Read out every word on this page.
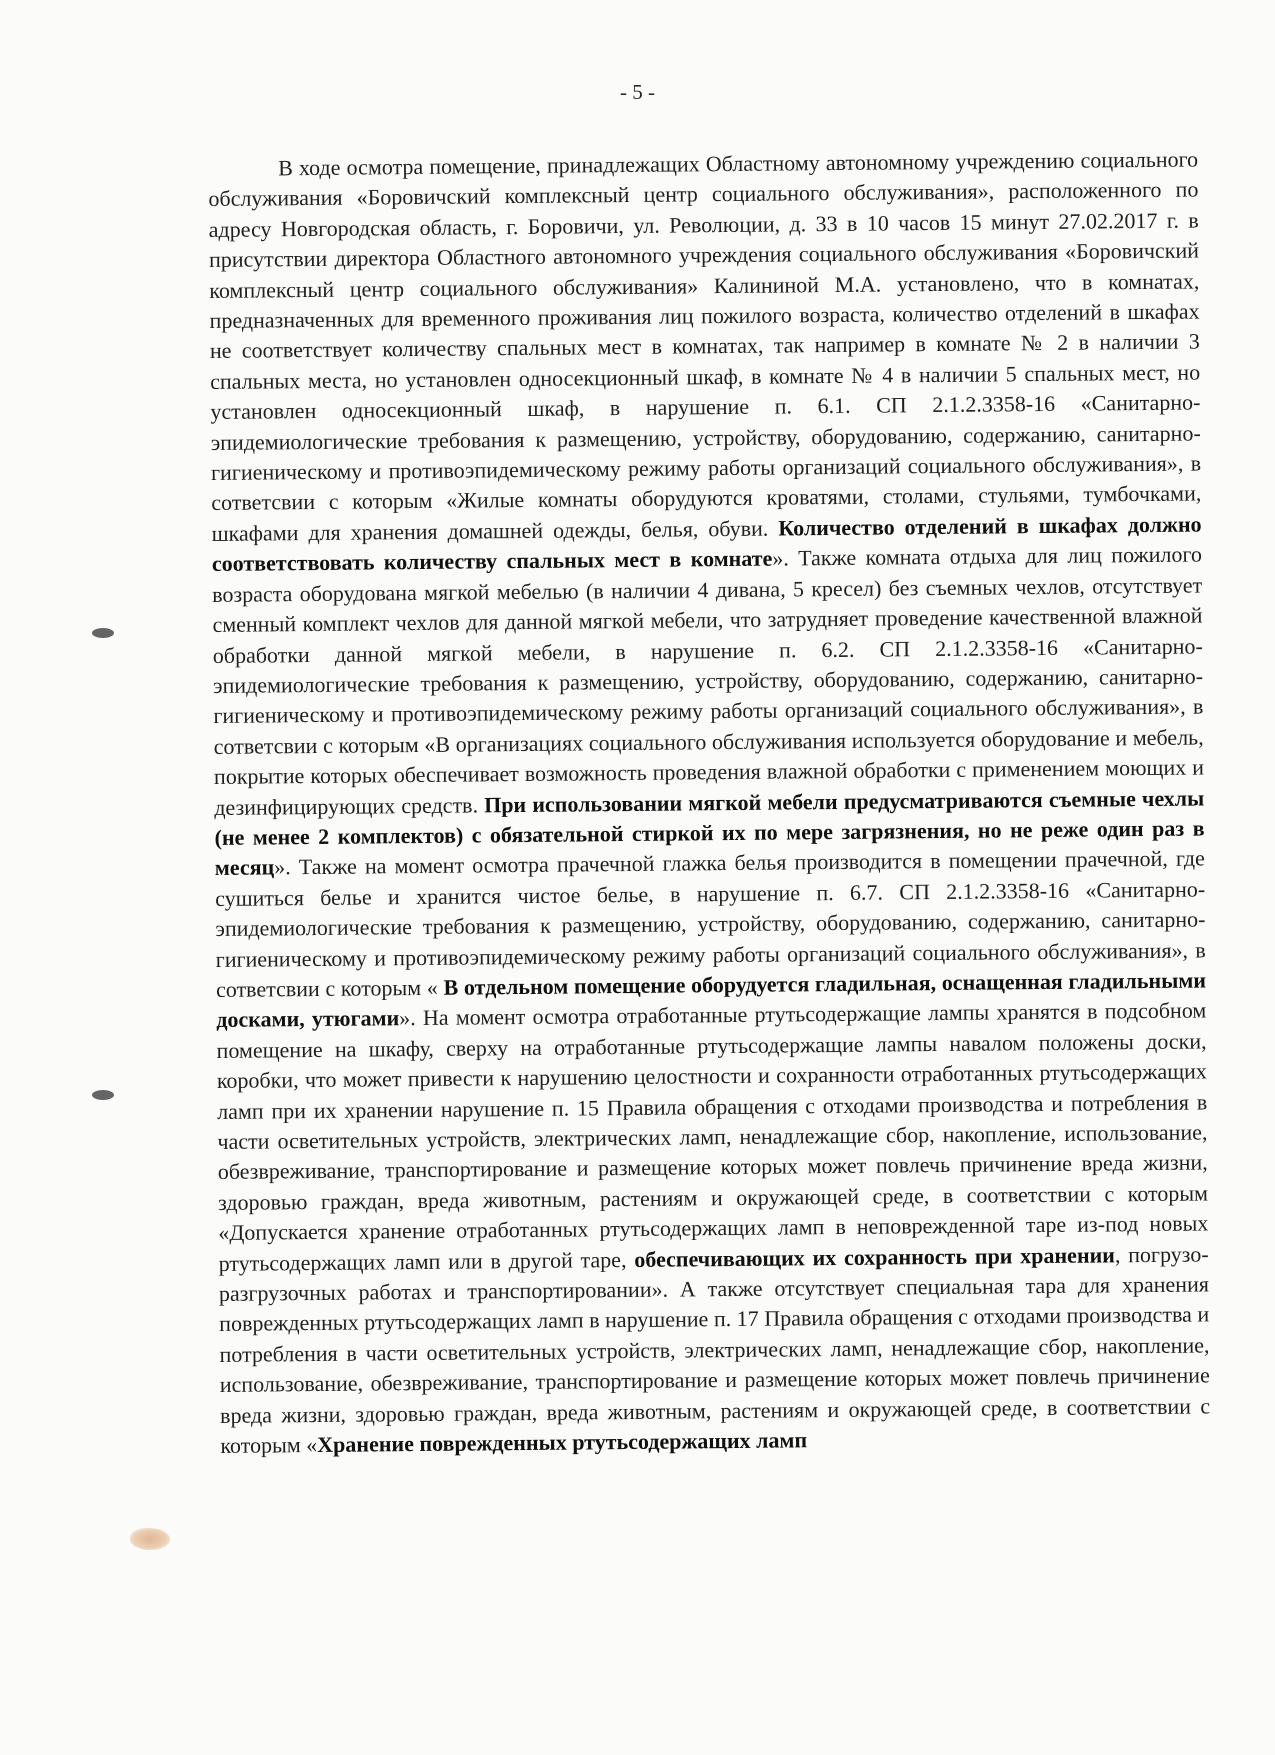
- 5 -

В ходе осмотра помещение, принадлежащих Областному автономному учреждению социального обслуживания «Боровичский комплексный центр социального обслуживания», расположенного по адресу Новгородская область, г. Боровичи, ул. Революции, д. 33 в 10 часов 15 минут 27.02.2017 г. в присутствии директора Областного автономного учреждения социального обслуживания «Боровичский комплексный центр социального обслуживания» Калининой М.А. установлено, что в комнатах, предназначенных для временного проживания лиц пожилого возраста, количество отделений в шкафах не соответствует количеству спальных мест в комнатах, так например в комнате № 2 в наличии 3 спальных места, но установлен односекционный шкаф, в комнате № 4 в наличии 5 спальных мест, но установлен односекционный шкаф, в нарушение п. 6.1. СП 2.1.2.3358-16 «Санитарно-эпидемиологические требования к размещению, устройству, оборудованию, содержанию, санитарно-гигиеническому и противоэпидемическому режиму работы организаций социального обслуживания», в сответсвии с которым «Жилые комнаты оборудуются кроватями, столами, стульями, тумбочками, шкафами для хранения домашней одежды, белья, обуви. Количество отделений в шкафах должно соответствовать количеству спальных мест в комнате». Также комната отдыха для лиц пожилого возраста оборудована мягкой мебелью (в наличии 4 дивана, 5 кресел) без съемных чехлов, отсутствует сменный комплект чехлов для данной мягкой мебели, что затрудняет проведение качественной влажной обработки данной мягкой мебели, в нарушение п. 6.2. СП 2.1.2.3358-16 «Санитарно-эпидемиологические требования к размещению, устройству, оборудованию, содержанию, санитарно-гигиеническому и противоэпидемическому режиму работы организаций социального обслуживания», в сответсвии с которым «В организациях социального обслуживания используется оборудование и мебель, покрытие которых обеспечивает возможность проведения влажной обработки с применением моющих и дезинфицирующих средств. При использовании мягкой мебели предусматриваются съемные чехлы (не менее 2 комплектов) с обязательной стиркой их по мере загрязнения, но не реже один раз в месяц». Также на момент осмотра прачечной глажка белья производится в помещении прачечной, где сушиться белье и хранится чистое белье, в нарушение п. 6.7. СП 2.1.2.3358-16 «Санитарно-эпидемиологические требования к размещению, устройству, оборудованию, содержанию, санитарно-гигиеническому и противоэпидемическому режиму работы организаций социального обслуживания», в сответсвии с которым « В отдельном помещение оборудуется гладильная, оснащенная гладильными досками, утюгами». На момент осмотра отработанные ртутьсодержащие лампы хранятся в подсобном помещение на шкафу, сверху на отработанные ртутьсодержащие лампы навалом положены доски, коробки, что может привести к нарушению целостности и сохранности отработанных ртутьсодержащих ламп при их хранении нарушение п. 15 Правила обращения с отходами производства и потребления в части осветительных устройств, электрических ламп, ненадлежащие сбор, накопление, использование, обезвреживание, транспортирование и размещение которых может повлечь причинение вреда жизни, здоровью граждан, вреда животным, растениям и окружающей среде, в соответствии с которым «Допускается хранение отработанных ртутьсодержащих ламп в неповрежденной таре из-под новых ртутьсодержащих ламп или в другой таре, обеспечивающих их сохранность при хранении, погрузо-разгрузочных работах и транспортировании». А также отсутствует специальная тара для хранения поврежденных ртутьсодержащих ламп в нарушение п. 17 Правила обращения с отходами производства и потребления в части осветительных устройств, электрических ламп, ненадлежащие сбор, накопление, использование, обезвреживание, транспортирование и размещение которых может повлечь причинение вреда жизни, здоровью граждан, вреда животным, растениям и окружающей среде, в соответствии с которым «Хранение поврежденных ртутьсодержащих ламп
